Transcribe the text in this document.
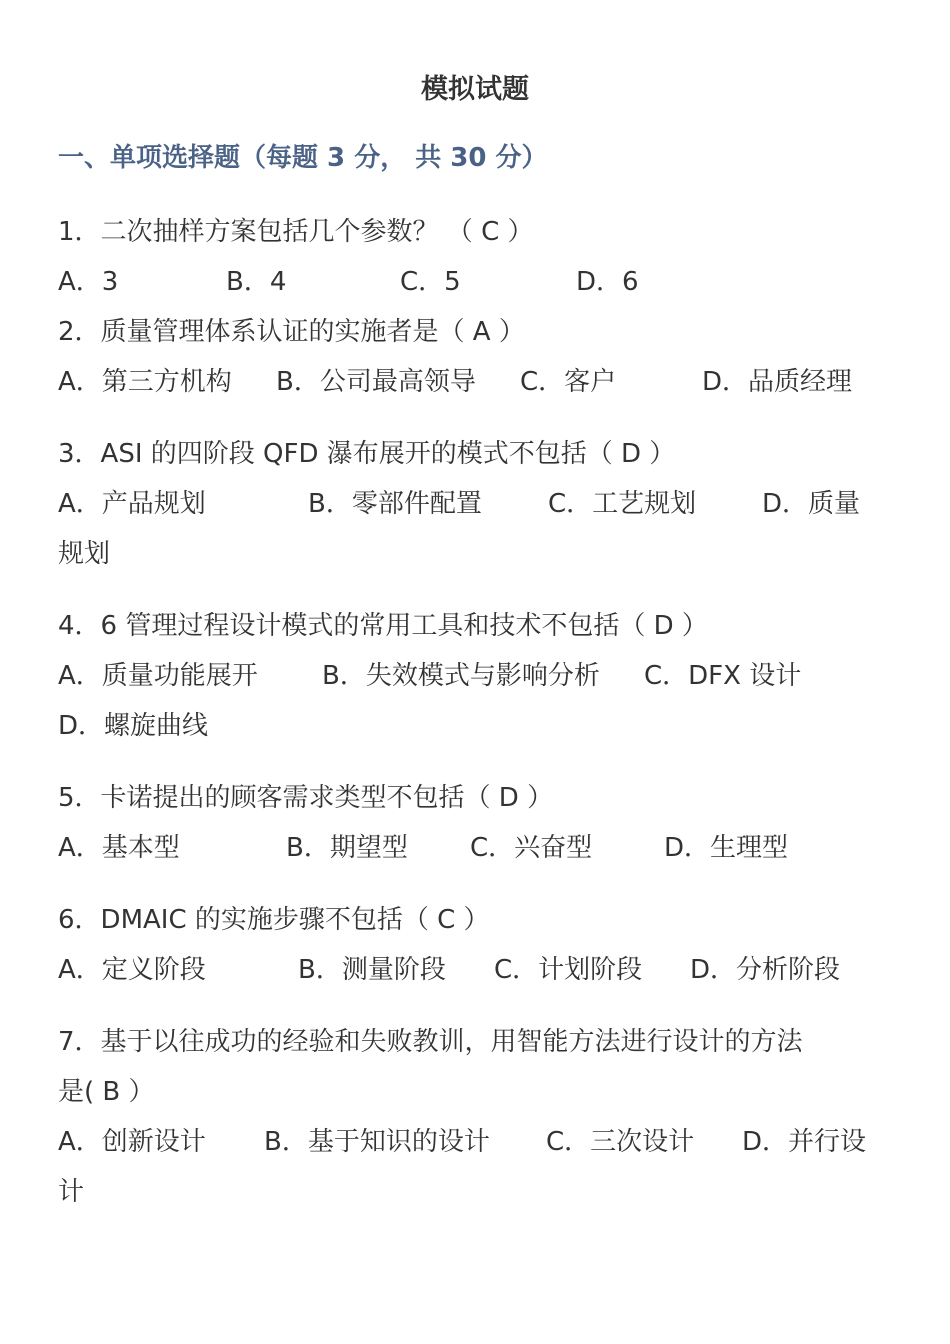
模拟试题
一、单项选择题（每题 3 分， 共 30 分）
1．二次抽样方案包括几个参数？ （ C ）
A．3	B．4	C．5	D．6
2．质量管理体系认证的实施者是（ A ）
A．第三方机构 B．公司最高领导 C．客户	D．品质经理
3．ASI 的四阶段 QFD 瀑布展开的模式不包括（ D ）
A．产品规划	B．零部件配置	C．工艺规划	D．质量
规划
4．6 管理过程设计模式的常用工具和技术不包括（ D ）
A．质量功能展开 B．失效模式与影响分析 C．DFX 设计
D．螺旋曲线
5．卡诺提出的顾客需求类型不包括（ D ）
A．基本型	B．期望型 C．兴奋型	D．生理型
6．DMAIC 的实施步骤不包括（ C ）
A．定义阶段	B．测量阶段 C．计划阶段 D．分析阶段
7．基于以往成功的经验和失败教训，用智能方法进行设计的方法
是( B ）
A．创新设计 B．基于知识的设计 C．三次设计 D．并行设
计
